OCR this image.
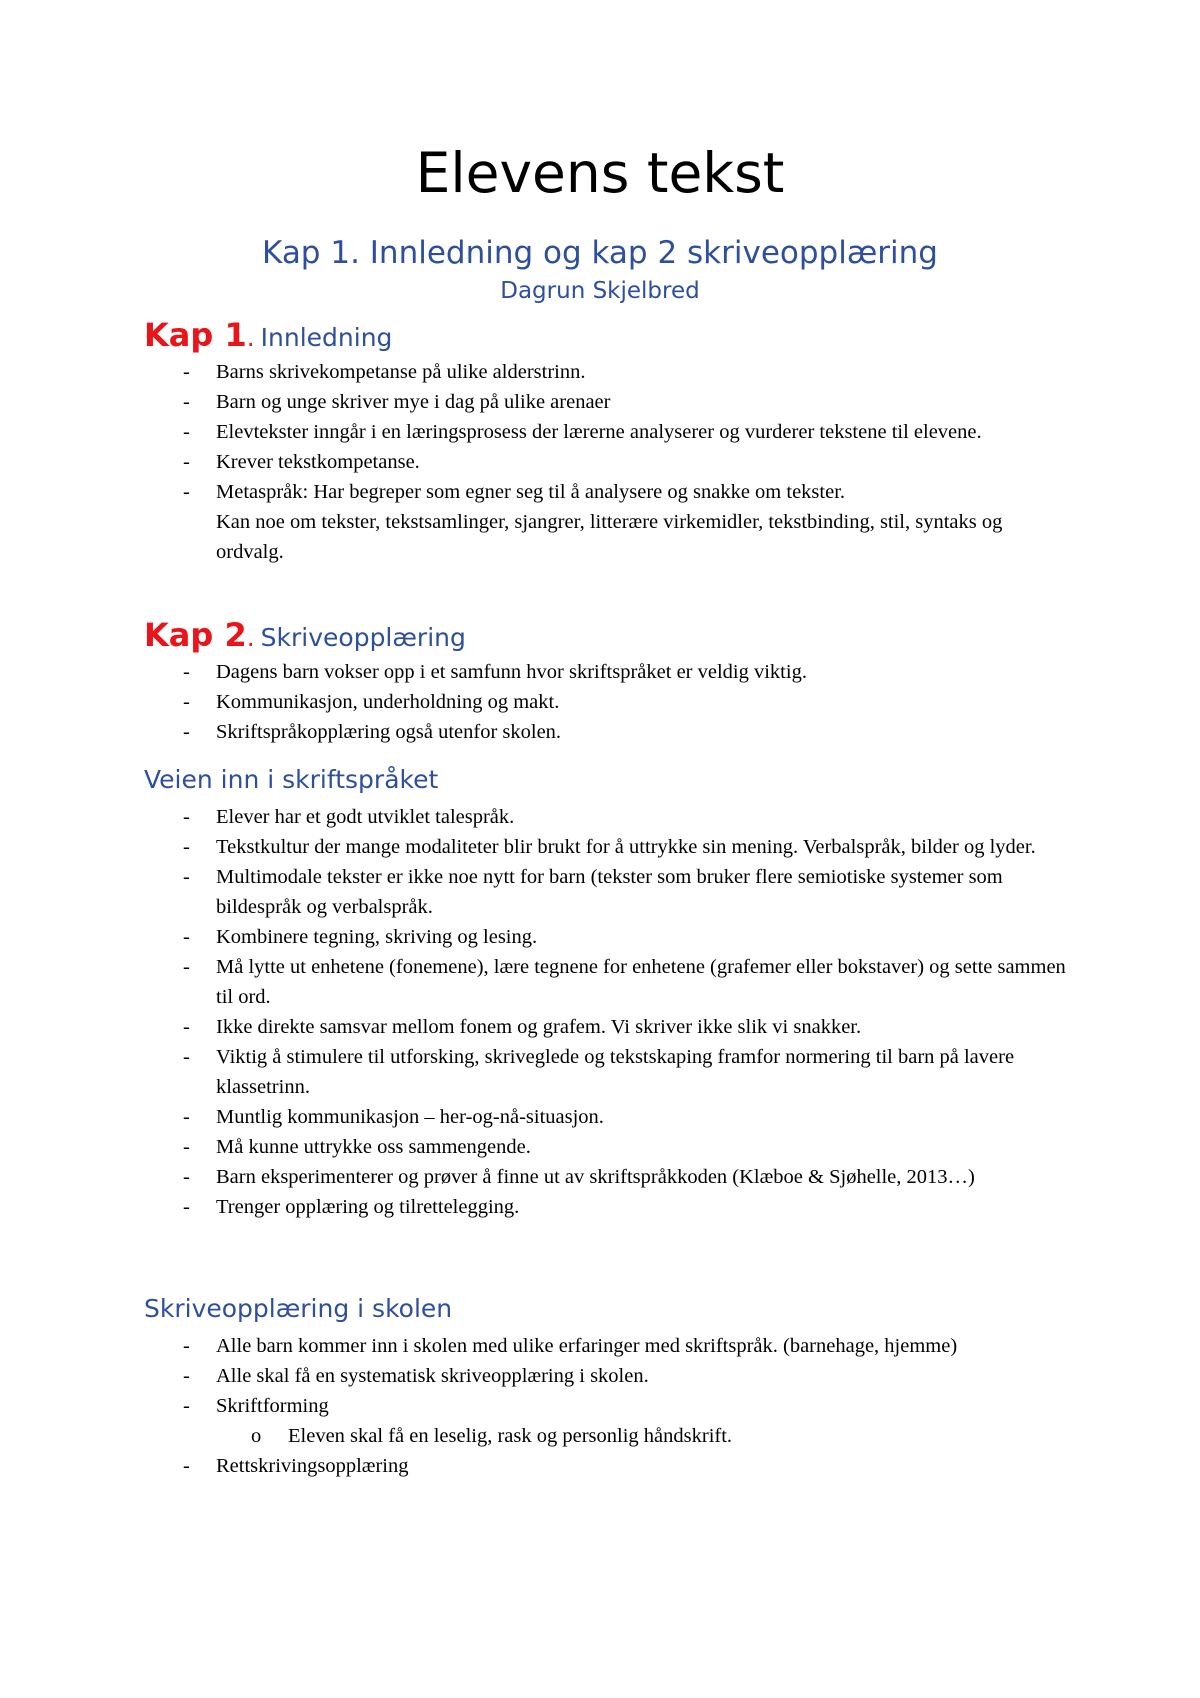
Elevens tekst
Kap 1. Innledning og kap 2 skriveopplæring
Dagrun Skjelbred
Kap 1. Innledning
- Barns skrivekompetanse på ulike alderstrinn.
- Barn og unge skriver mye i dag på ulike arenaer
- Elevtekster inngår i en læringsprosess der lærerne analyserer og vurderer tekstene til elevene.
- Krever tekstkompetanse.
- Metaspråk: Har begreper som egner seg til å analysere og snakke om tekster.
Kan noe om tekster, tekstsamlinger, sjangrer, litterære virkemidler, tekstbinding, stil, syntaks og ordvalg.
Kap 2. Skriveopplæring
- Dagens barn vokser opp i et samfunn hvor skriftspråket er veldig viktig.
- Kommunikasjon, underholdning og makt.
- Skriftspråkopplæring også utenfor skolen.
Veien inn i skriftspråket
- Elever har et godt utviklet talespråk.
- Tekstkultur der mange modaliteter blir brukt for å uttrykke sin mening. Verbalspråk, bilder og lyder.
- Multimodale tekster er ikke noe nytt for barn (tekster som bruker flere semiotiske systemer som bildespråk og verbalspråk.
- Kombinere tegning, skriving og lesing.
- Må lytte ut enhetene (fonemene), lære tegnene for enhetene (grafemer eller bokstaver) og sette sammen til ord.
- Ikke direkte samsvar mellom fonem og grafem. Vi skriver ikke slik vi snakker.
- Viktig å stimulere til utforsking, skriveglede og tekstskaping framfor normering til barn på lavere klassetrinn.
- Muntlig kommunikasjon – her-og-nå-situasjon.
- Må kunne uttrykke oss sammengende.
- Barn eksperimenterer og prøver å finne ut av skriftspråkkoden (Klæboe & Sjøhelle, 2013…)
- Trenger opplæring og tilrettelegging.
Skriveopplæring i skolen
- Alle barn kommer inn i skolen med ulike erfaringer med skriftspråk. (barnehage, hjemme)
- Alle skal få en systematisk skriveopplæring i skolen.
- Skriftforming
o Eleven skal få en leselig, rask og personlig håndskrift.
- Rettskrivingsopplæring
